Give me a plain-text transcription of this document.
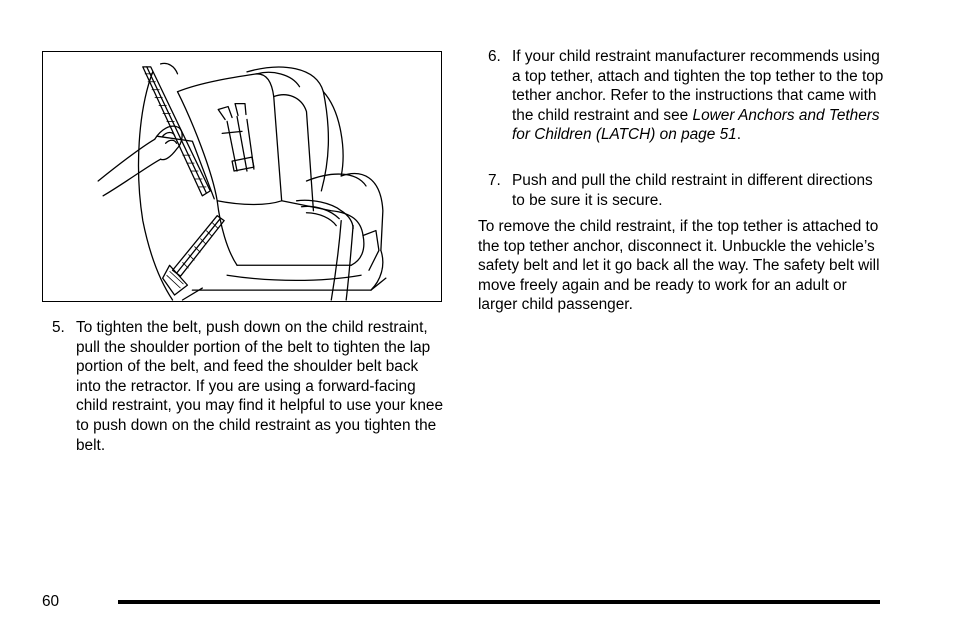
5. To tighten the belt, push down on the child restraint, pull the shoulder portion of the belt to tighten the lap portion of the belt, and feed the shoulder belt back into the retractor. If you are using a forward-facing child restraint, you may find it helpful to use your knee to push down on the child restraint as you tighten the belt.
6. If your child restraint manufacturer recommends using a top tether, attach and tighten the top tether to the top tether anchor. Refer to the instructions that came with the child restraint and see Lower Anchors and Tethers for Children (LATCH) on page 51.
7. Push and pull the child restraint in different directions to be sure it is secure.
To remove the child restraint, if the top tether is attached to the top tether anchor, disconnect it. Unbuckle the vehicle’s safety belt and let it go back all the way. The safety belt will move freely again and be ready to work for an adult or larger child passenger.
60
